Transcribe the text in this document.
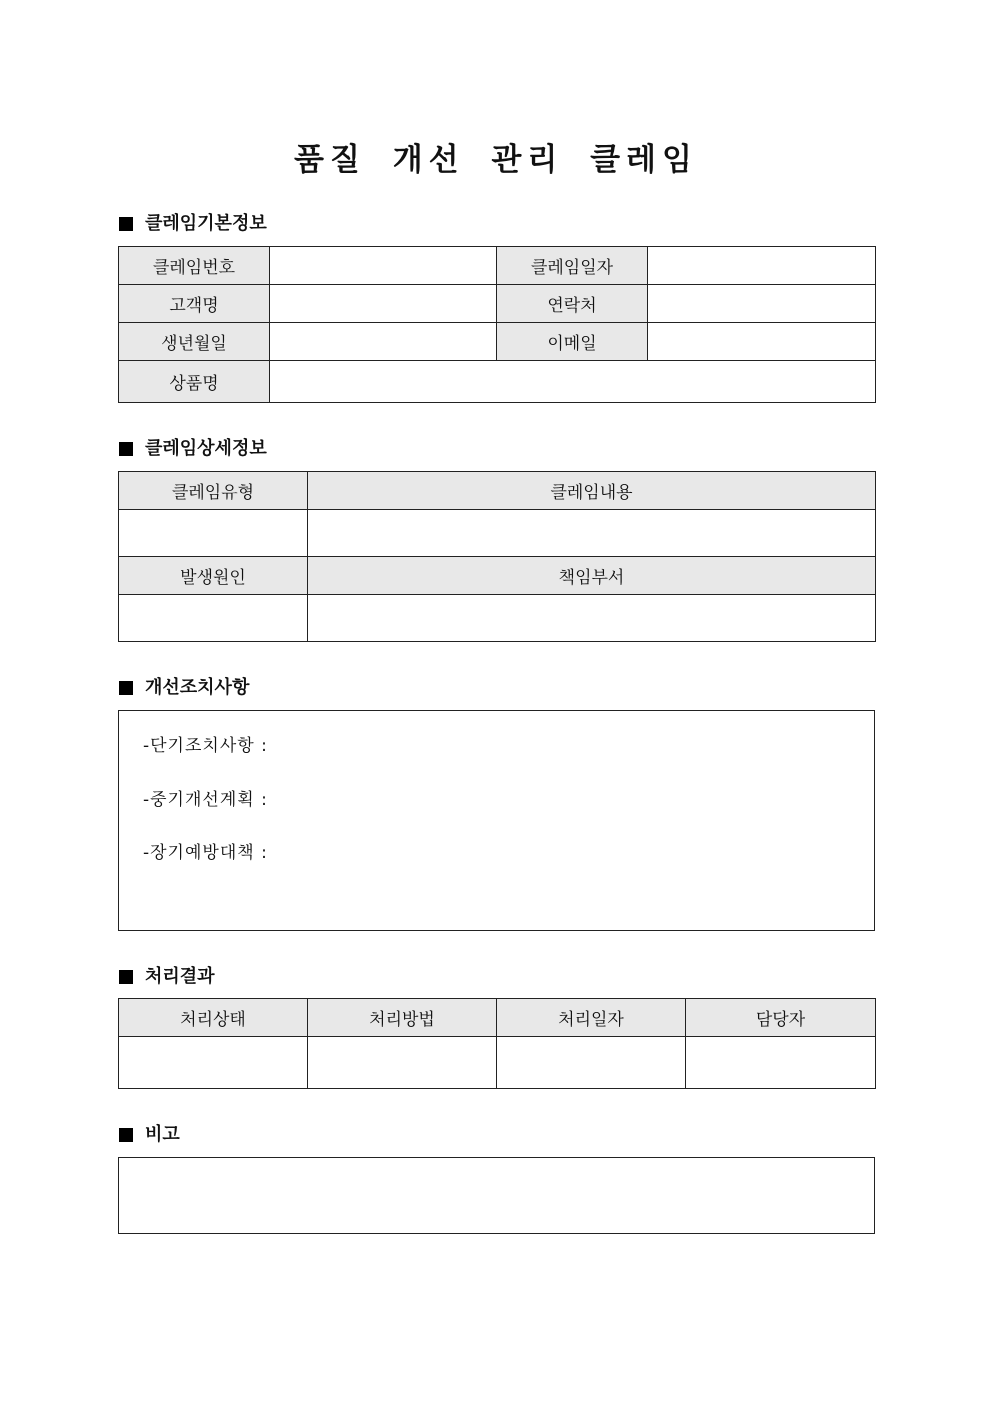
품질 개선 관리 클레임
클레임기본정보
클레임번호		클레임일자	
고객명		연락처	
생년월일		이메일	
상품명			
클레임상세정보
클레임유형	클레임내용

발생원인	책임부서

개선조치사항
-단기조치사항 :
-중기개선계획 :
-장기예방대책 :
처리결과
처리상태	처리방법	처리일자	담당자

비고
